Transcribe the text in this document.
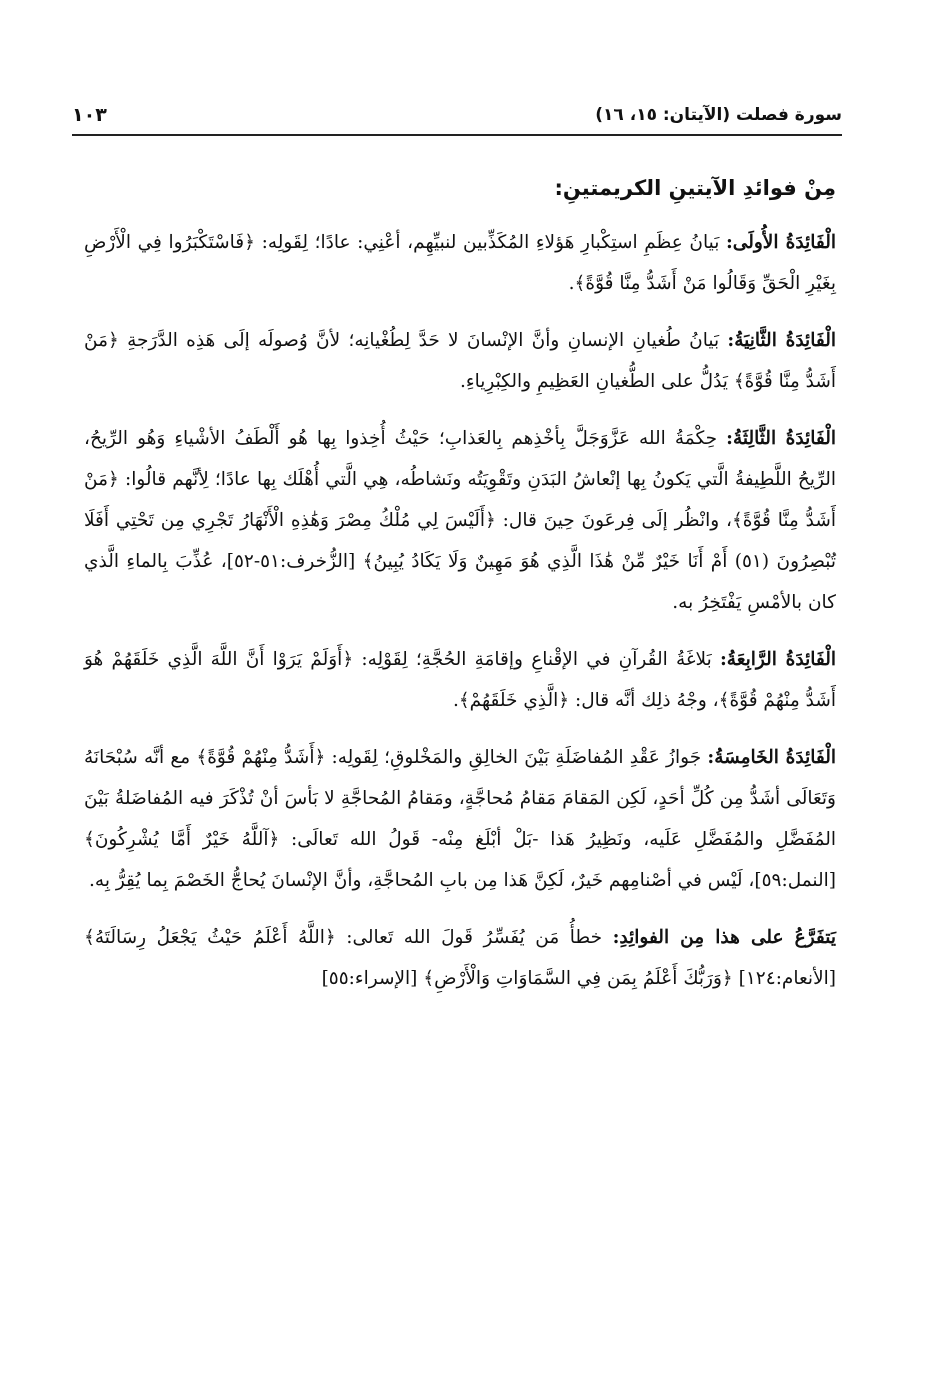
سورة فصلت (الآيتان: ١٥، ١٦)
١٠٣
مِنْ فوائدِ الآيتينِ الكريمتينِ:

الْفَائِدَةُ الأُولَى: بَيانُ عِظَمِ استِكْبارِ هَؤلاءِ المُكَذِّبين لنبيِّهِم، أعْنِي: عادًا؛ لِقَولِه: ﴿فَاسْتَكْبَرُوا فِي الْأَرْضِ بِغَيْرِ الْحَقِّ وَقَالُوا مَنْ أَشَدُّ مِنَّا قُوَّةً﴾.

الْفَائِدَةُ الثَّانِيَةُ: بَيانُ طُغيانِ الإنسانِ وأنَّ الإنْسانَ لا حَدَّ لِطُغْيانِه؛ لأنَّ وُصولَه إلَى هَذِه الدَّرَجةِ ﴿مَنْ أَشَدُّ مِنَّا قُوَّةً﴾ يَدُلُّ على الطُّغيانِ العَظِيمِ والكِبْرِياءِ.

الْفَائِدَةُ الثَّالِثَةُ: حِكْمَةُ الله عَزَّوَجَلَّ بِأخْذِهم بِالعَذابِ؛ حَيْثُ أُخِذوا بِها هُو أَلْطَفُ الأشْياءِ وَهُو الرِّيحُ، الرِّيحُ اللَّطِيفةُ الَّتي يَكونُ بِها إنْعاشُ البَدَنِ وتَقْوِيَتُه ونَشاطُه، هِي الَّتي أُهْلَك بِها عادًا؛ لِأنَّهم قالُوا: ﴿مَنْ أَشَدُّ مِنَّا قُوَّةً﴾، وانْظُر إلَى فِرعَونَ حِينَ قال: ﴿أَلَيْسَ لِي مُلْكُ مِصْرَ وَهَٰذِهِ الْأَنْهَارُ تَجْرِي مِن تَحْتِي أَفَلَا تُبْصِرُونَ (٥١) أَمْ أَنَا خَيْرٌ مِّنْ هَٰذَا الَّذِي هُوَ مَهِينٌ وَلَا يَكَادُ يُبِينُ﴾ [الزُّخرف:٥١-٥٢]، عُذِّبَ بِالماءِ الَّذي كان بالأمْسِ يَفْتَخِرُ به.

الْفَائِدَةُ الرَّابِعَةُ: بَلاغَةُ القُرآنِ في الإقْناعِ وإقامَةِ الحُجَّةِ؛ لِقَوْلِه: ﴿أَوَلَمْ يَرَوْا أَنَّ اللَّهَ الَّذِي خَلَقَهُمْ هُوَ أَشَدُّ مِنْهُمْ قُوَّةً﴾، وجْهُ ذلِك أنَّه قال: ﴿الَّذِي خَلَقَهُمْ﴾.

الْفَائِدَةُ الخَامِسَةُ: جَوازُ عَقْدِ المُفاضَلَةِ بَيْنَ الخالِقِ والمَخْلوقِ؛ لِقَولِه: ﴿أَشَدُّ مِنْهُمْ قُوَّةً﴾ مع أنَّه سُبْحَانَهُ وَتَعَالَى أشَدُّ مِن كُلِّ أحَدٍ، لَكِن المَقامَ مَقامُ مُحاجَّةٍ، ومَقامُ المُحاجَّةِ لا بَأسَ أنْ تُذْكَرَ فيه المُفاضَلةُ بَيْنَ المُفَضَّلِ والمُفَضَّلِ عَلَيه، ونَظِيرُ هَذا -بَلْ أبْلَغ مِنْه- قَولُ الله تَعالَى: ﴿آللَّهُ خَيْرٌ أَمَّا يُشْرِكُونَ﴾ [النمل:٥٩]، لَيْس في أصْنامِهم خَيرٌ، لَكِنَّ هَذا مِن بابِ المُحاجَّةِ، وأنَّ الإنْسانَ يُحاجُّ الخَصْمَ بِما يُقِرُّ بِه.

يَتفَرَّعُ على هذا مِن الفوائِدِ: خطأُ مَن يُفَسِّرُ قَولَ الله تَعالى: ﴿اللَّهُ أَعْلَمُ حَيْثُ يَجْعَلُ رِسَالَتَهُ﴾ [الأنعام:١٢٤] ﴿وَرَبُّكَ أَعْلَمُ بِمَن فِي السَّمَاوَاتِ وَالْأَرْضِ﴾ [الإسراء:٥٥]
